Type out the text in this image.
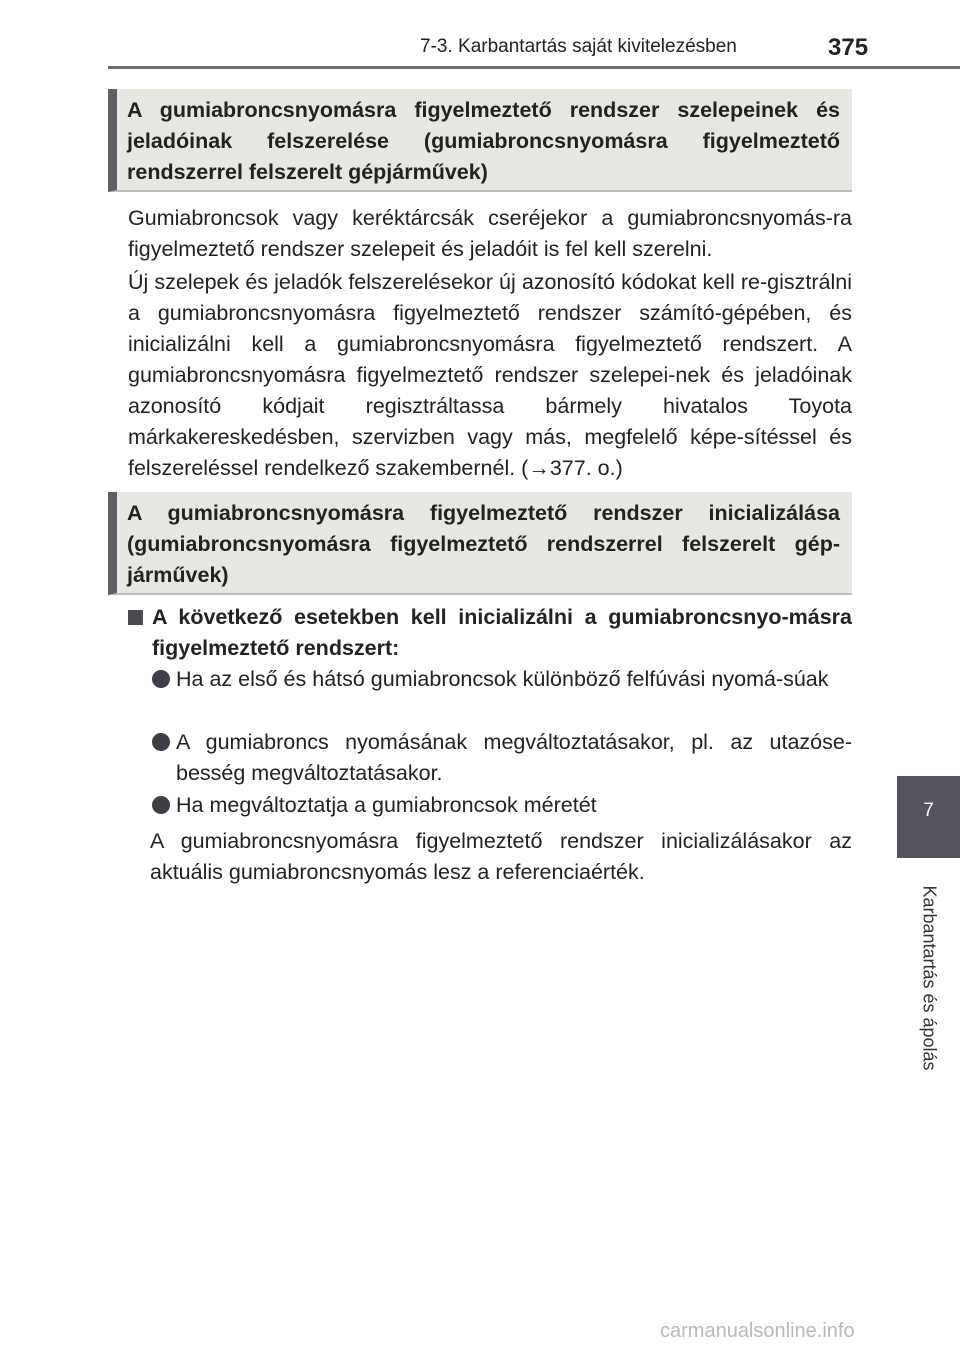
7-3. Karbantartás saját kivitelezésben	375
7
Karbantartás és ápolás
A gumiabroncsnyomásra figyelmeztető rendszer szelepeinek és jeladóinak felszerelése (gumiabroncsnyomásra figyelmeztető rendszerrel felszerelt gépjárművek)
Gumiabroncsok vagy keréktárcsák cseréjekor a gumiabroncsnyomás-ra figyelmeztető rendszer szelepeit és jeladóit is fel kell szerelni.
Új szelepek és jeladók felszerelésekor új azonosító kódokat kell re-gisztrálni a gumiabroncsnyomásra figyelmeztető rendszer számító-gépében, és inicializálni kell a gumiabroncsnyomásra figyelmeztető rendszert. A gumiabroncsnyomásra figyelmeztető rendszer szelepei-nek és jeladóinak azonosító kódjait regisztráltassa bármely hivatalos Toyota márkakereskedésben, szervizben vagy más, megfelelő képe-sítéssel és felszereléssel rendelkező szakembernél. (→377. o.)
A gumiabroncsnyomásra figyelmeztető rendszer inicializálása (gumiabroncsnyomásra figyelmeztető rendszerrel felszerelt gép-járművek)
A következő esetekben kell inicializálni a gumiabroncsnyo-másra figyelmeztető rendszert:
Ha az első és hátsó gumiabroncsok különböző felfúvási nyomá-súak
A gumiabroncs nyomásának megváltoztatásakor, pl. az utazóse-besség megváltoztatásakor.
Ha megváltoztatja a gumiabroncsok méretét
A gumiabroncsnyomásra figyelmeztető rendszer inicializálásakor az aktuális gumiabroncsnyomás lesz a referenciaérték.
carmanualsonline.info
